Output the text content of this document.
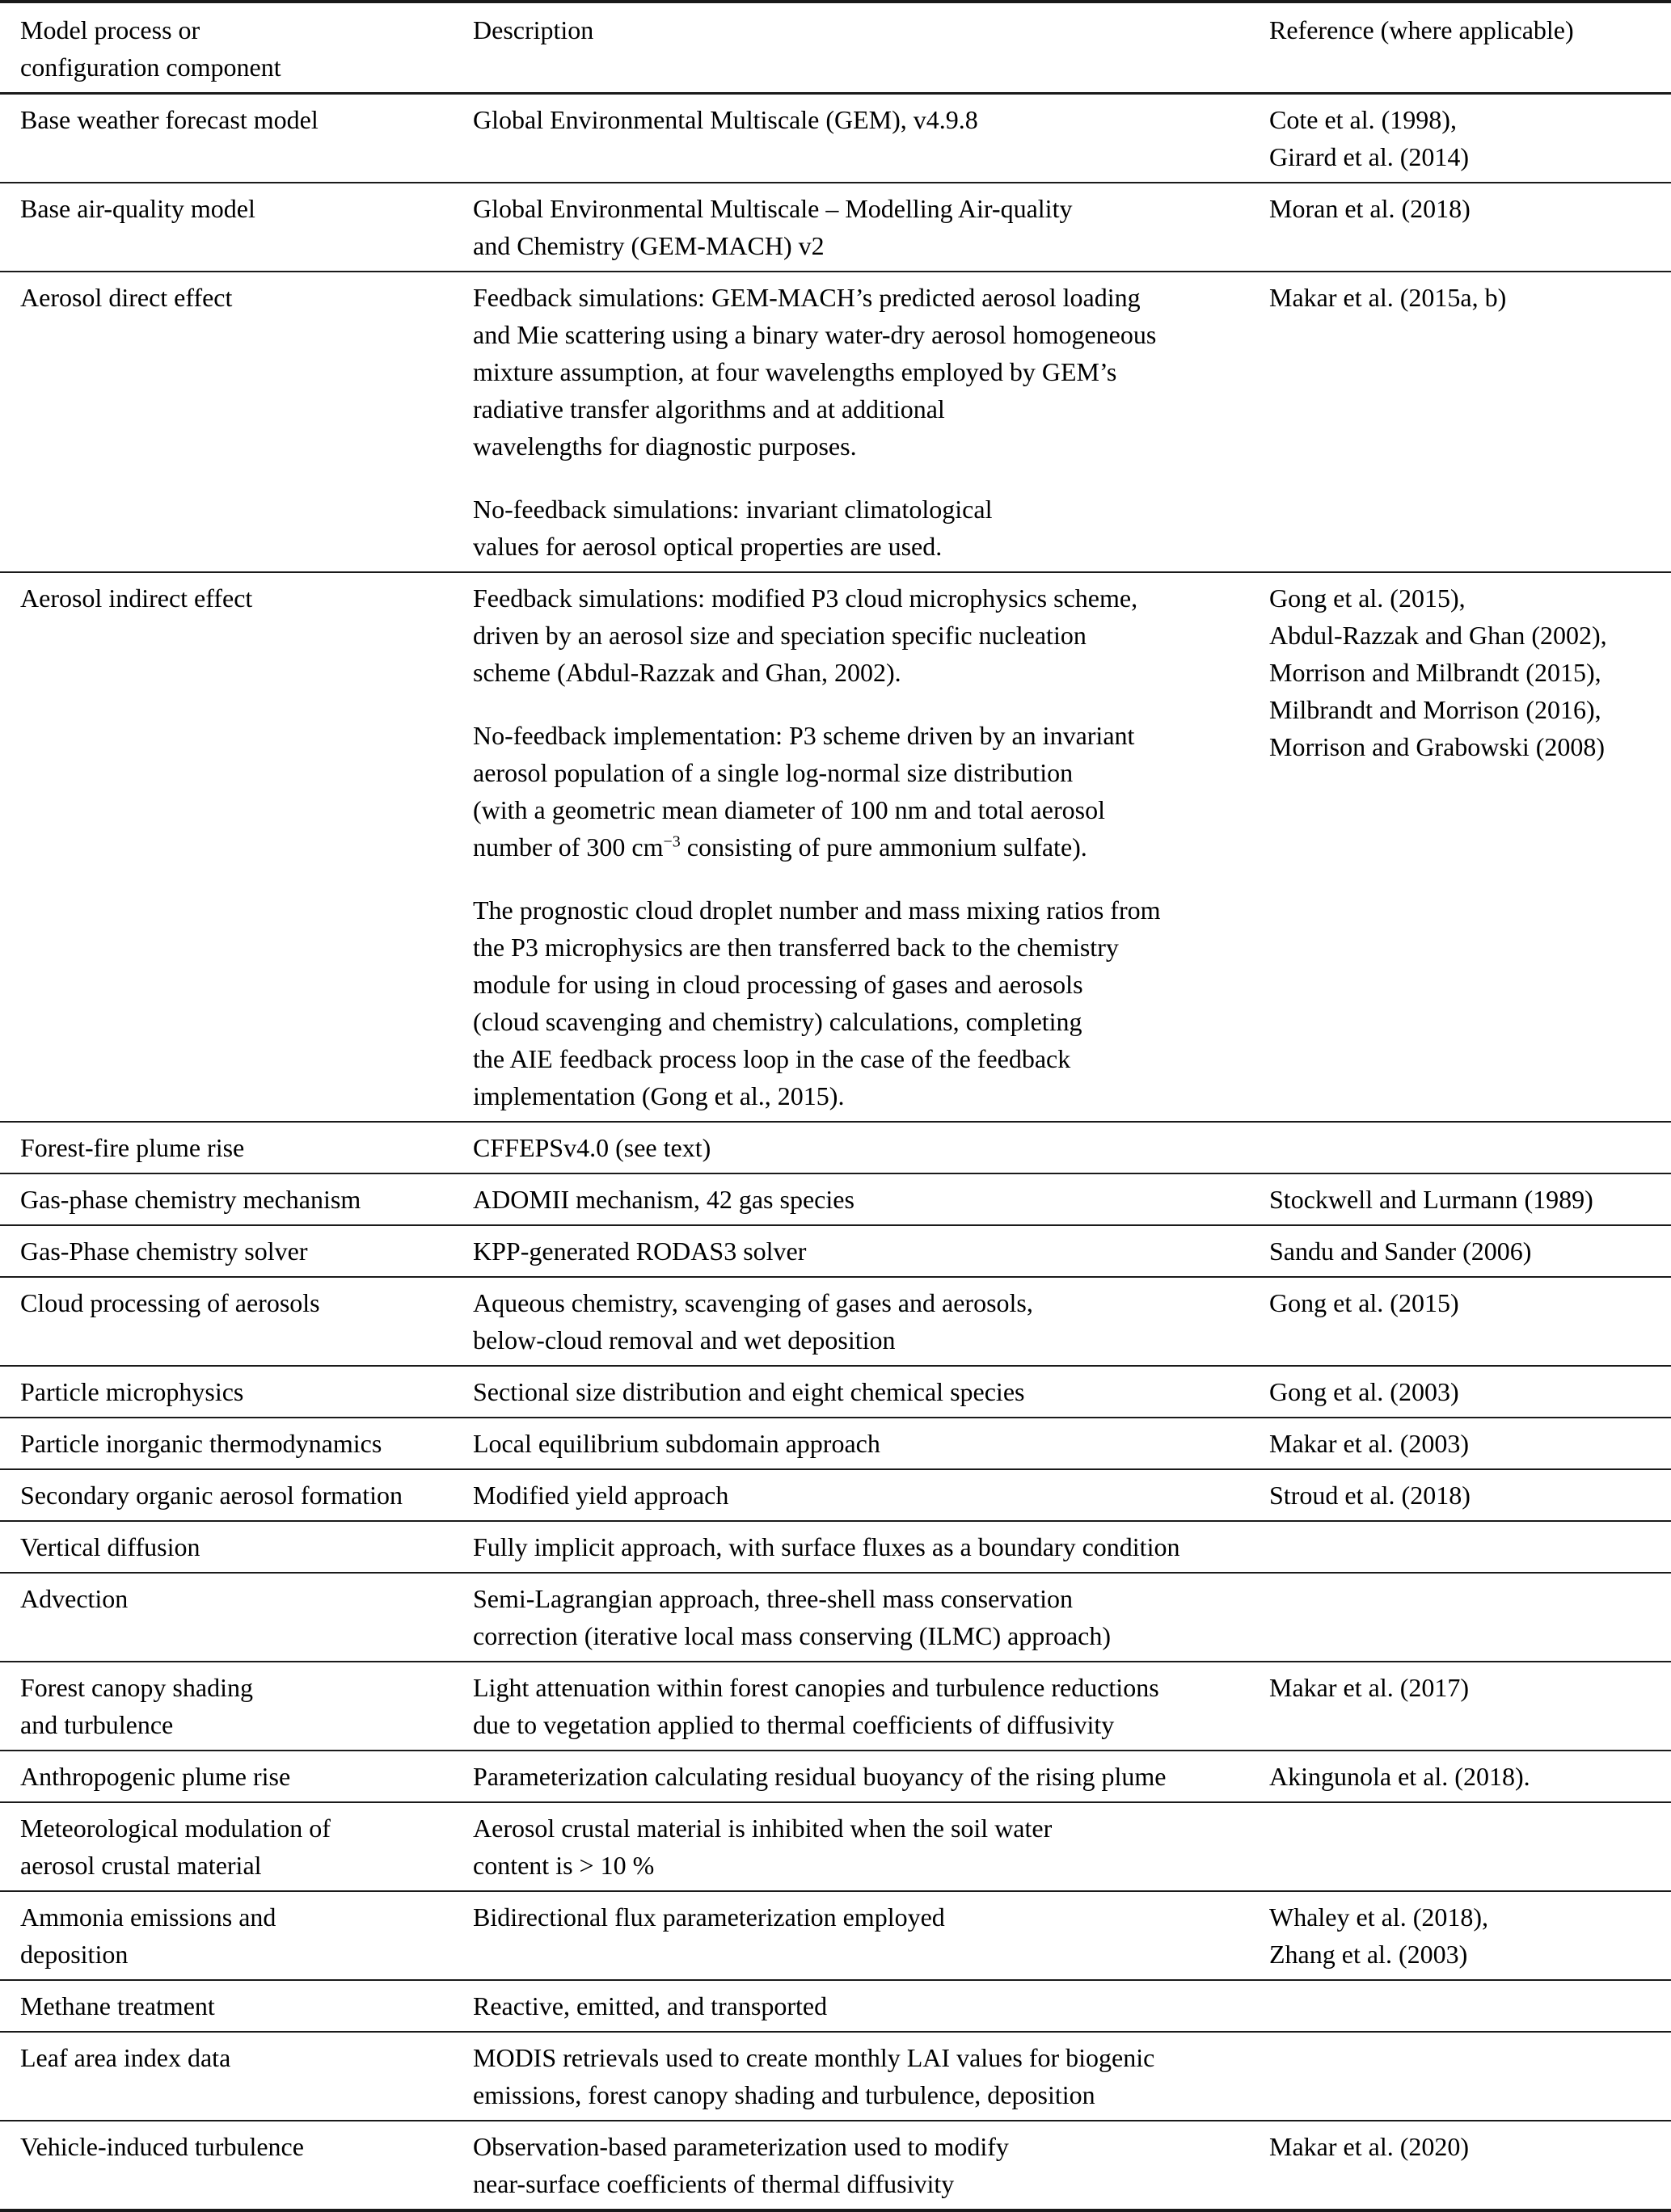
Model process or
configuration component	Description	Reference (where applicable)
Base weather forecast model	Global Environmental Multiscale (GEM), v4.9.8	Cote et al. (1998),
Girard et al. (2014)
Base air-quality model	Global Environmental Multiscale – Modelling Air-quality
and Chemistry (GEM-MACH) v2	Moran et al. (2018)
Aerosol direct effect	Feedback simulations: GEM-MACH’s predicted aerosol loading
and Mie scattering using a binary water-dry aerosol homogeneous
mixture assumption, at four wavelengths employed by GEM’s
radiative transfer algorithms and at additional
wavelengths for diagnostic purposes.
No-feedback simulations: invariant climatological
values for aerosol optical properties are used.
	Makar et al. (2015a, b)
Aerosol indirect effect	Feedback simulations: modified P3 cloud microphysics scheme,
driven by an aerosol size and speciation specific nucleation
scheme (Abdul-Razzak and Ghan, 2002).
No-feedback implementation: P3 scheme driven by an invariant
aerosol population of a single log-normal size distribution
(with a geometric mean diameter of 100 nm and total aerosol
number of 300 $cm^{-3}$ consisting of pure ammonium sulfate).
The prognostic cloud droplet number and mass mixing ratios from
the P3 microphysics are then transferred back to the chemistry
module for using in cloud processing of gases and aerosols
(cloud scavenging and chemistry) calculations, completing
the AIE feedback process loop in the case of the feedback
implementation (Gong et al., 2015).
	Gong et al. (2015),
Abdul-Razzak and Ghan (2002),
Morrison and Milbrandt (2015),
Milbrandt and Morrison (2016),
Morrison and Grabowski (2008)
Forest-fire plume rise	CFFEPSv4.0 (see text)	

Gas-phase chemistry mechanism	ADOMII mechanism, 42 gas species	Stockwell and Lurmann (1989)
Gas-Phase chemistry solver	KPP-generated RODAS3 solver	Sandu and Sander (2006)
Cloud processing of aerosols	Aqueous chemistry, scavenging of gases and aerosols,
below-cloud removal and wet deposition	Gong et al. (2015)
Particle microphysics	Sectional size distribution and eight chemical species	Gong et al. (2003)
Particle inorganic thermodynamics	Local equilibrium subdomain approach	Makar et al. (2003)
Secondary organic aerosol formation	Modified yield approach	Stroud et al. (2018)
Vertical diffusion	Fully implicit approach, with surface fluxes as a boundary condition	

Advection	Semi-Lagrangian approach, three-shell mass conservation
correction (iterative local mass conserving (ILMC) approach)	

Forest canopy shading
and turbulence	Light attenuation within forest canopies and turbulence reductions
due to vegetation applied to thermal coefficients of diffusivity	Makar et al. (2017)
Anthropogenic plume rise	Parameterization calculating residual buoyancy of the rising plume	Akingunola et al. (2018).
Meteorological modulation of
aerosol crustal material	Aerosol crustal material is inhibited when the soil water
content is > 10 %	

Ammonia emissions and
deposition	Bidirectional flux parameterization employed	Whaley et al. (2018),
Zhang et al. (2003)
Methane treatment	Reactive, emitted, and transported	

Leaf area index data	MODIS retrievals used to create monthly LAI values for biogenic
emissions, forest canopy shading and turbulence, deposition	

Vehicle-induced turbulence	Observation-based parameterization used to modify
near-surface coefficients of thermal diffusivity	Makar et al. (2020)
